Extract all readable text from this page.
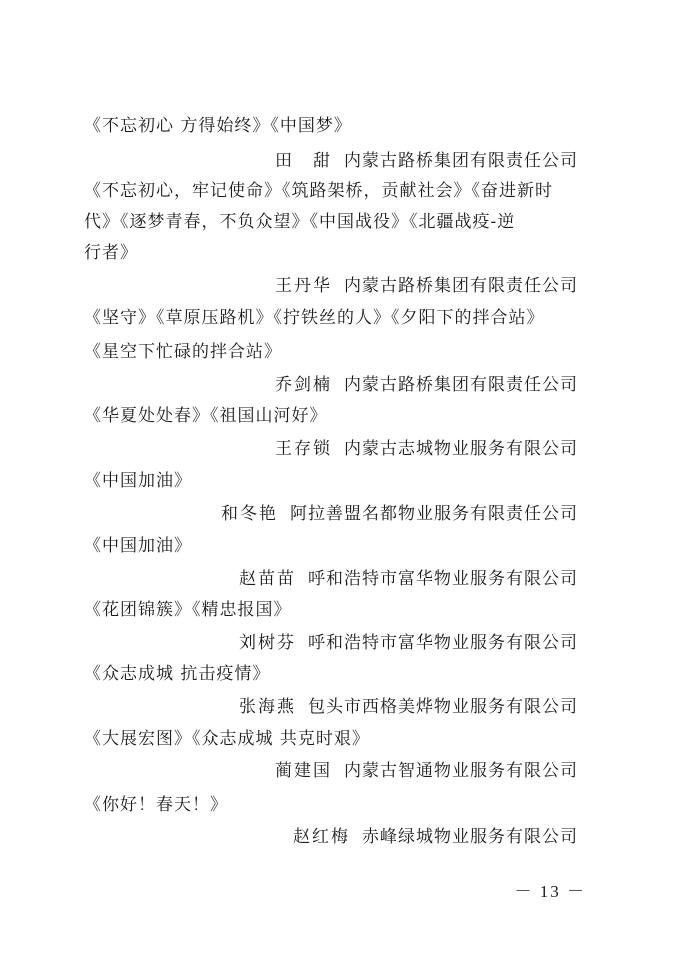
《不忘初心 方得始终》《中国梦》
田　甜 内蒙古路桥集团有限责任公司
《不忘初心，牢记使命》《筑路架桥，贡献社会》《奋进新时
代》《逐梦青春，不负众望》《中国战役》《北疆战疫-逆
行者》
王丹华 内蒙古路桥集团有限责任公司
《坚守》《草原压路机》《拧铁丝的人》《夕阳下的拌合站》
《星空下忙碌的拌合站》
乔剑楠 内蒙古路桥集团有限责任公司
《华夏处处春》《祖国山河好》
王存锁 内蒙古志城物业服务有限公司
《中国加油》
和冬艳 阿拉善盟名都物业服务有限责任公司
《中国加油》
赵苗苗 呼和浩特市富华物业服务有限公司
《花团锦簇》《精忠报国》
刘树芬 呼和浩特市富华物业服务有限公司
《众志成城 抗击疫情》
张海燕 包头市西格美烨物业服务有限公司
《大展宏图》《众志成城 共克时艰》
蔺建国 内蒙古智通物业服务有限公司
《你好！春天！》
赵红梅 赤峰绿城物业服务有限公司
－ 13 －
